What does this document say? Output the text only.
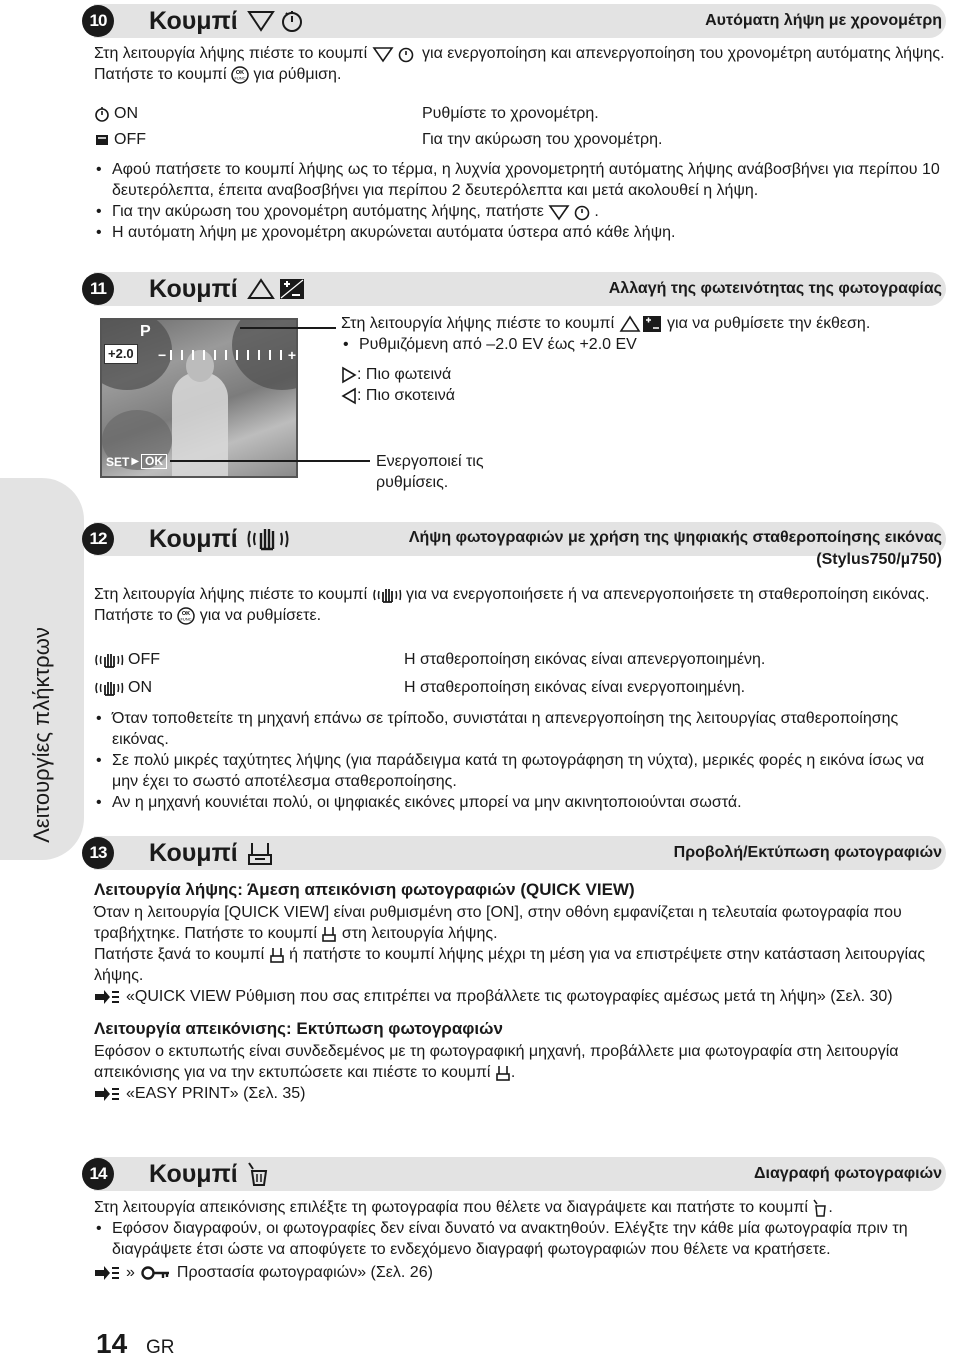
Λειτουργίες πλήκτρων
10	Κουμπί	Αυτόματη λήψη με χρονομέτρη

Στη λειτουργία λήψης πιέστε το κουμπί	για ενεργοποίηση και απενεργοποίηση του χρονομέτρη αυτόματης λήψης. Πατήστε το κουμπί OK
FUNC για ρύθμιση.

ON	Ρυθμίστε το χρονομέτρη.
OFF	Για την ακύρωση του χρονομέτρη.
• Αφού πατήσετε το κουμπί λήψης ως το τέρμα, η λυχνία χρονομετρητή αυτόματης λήψης ανάβοσβήνει για περίπου 10 δευτερόλεπτα, έπειτα αναβοσβήνει για περίπου 2 δευτερόλεπτα και μετά ακολουθεί η λήψη.
• Για την ακύρωση του χρονομέτρη αυτόματης λήψης, πατήστε	.
• Η αυτόματη λήψη με χρονομέτρη ακυρώνεται αυτόματα ύστερα από κάθε λήψη.
11	Κουμπί	Αλλαγή της φωτεινότητας της φωτογραφίας

Στη λειτουργία λήψης πιέστε το κουμπί	για να ρυθμίσετε την έκθεση.

• Ρυθμιζόμενη από –2.0 EV έως +2.0 EV
: Πιο φωτεινά
: Πιο σκοτεινά
P
+2.0 −	+
SET ▶ OK	Ενεργοποιεί τις ρυθμίσεις.
12	Κουμπί	Λήψη φωτογραφιών με χρήση της ψηφιακής σταθεροποίησης εικόνας
(Stylus750/µ750)

Στη λειτουργία λήψης πιέστε το κουμπί για να ενεργοποιήσετε ή να απενεργοποιήσετε τη σταθεροποίηση εικόνας. Πατήστε το OK
FUNC για να ρυθμίσετε.

OFF	Η σταθεροποίηση εικόνας είναι απενεργοποιημένη.
ON	Η σταθεροποίηση εικόνας είναι ενεργοποιημένη.
• Όταν τοποθετείτε τη μηχανή επάνω σε τρίποδο, συνιστάται η απενεργοποίηση της λειτουργίας σταθεροποίησης εικόνας.
• Σε πολύ μικρές ταχύτητες λήψης (για παράδειγμα κατά τη φωτογράφηση τη νύχτα), μερικές φορές η εικόνα ίσως να μην έχει το σωστό αποτέλεσμα σταθεροποίησης.
• Αν η μηχανή κουνιέται πολύ, οι ψηφιακές εικόνες μπορεί να μην ακινητοποιούνται σωστά.
13	Κουμπί	Προβολή/Εκτύπωση φωτογραφιών
Λειτουργία λήψης: Άμεση απεικόνιση φωτογραφιών (QUICK VIEW)

Όταν η λειτουργία [QUICK VIEW] είναι ρυθμισμένη στο [ON], στην οθόνη εμφανίζεται η τελευταία φωτογραφία που τραβήχτηκε. Πατήστε το κουμπί στη λειτουργία λήψης.

Πατήστε ξανά το κουμπί ή πατήστε το κουμπί λήψης μέχρι τη μέση για να επιστρέψετε στην κατάσταση λειτουργίας λήψης.

«QUICK VIEW Ρύθμιση που σας επιτρέπει να προβάλλετε τις φωτογραφίες αμέσως μετά τη λήψη» (Σελ. 30)
Λειτουργία απεικόνισης: Εκτύπωση φωτογραφιών

Εφόσον ο εκτυπωτής είναι συνδεδεμένος με τη φωτογραφική μηχανή, προβάλλετε μια φωτογραφία στη λειτουργία απεικόνισης για να την εκτυπώσετε και πιέστε το κουμπί .

«EASY PRINT» (Σελ. 35)
14	Κουμπί	Διαγραφή φωτογραφιών

Στη λειτουργία απεικόνισης επιλέξτε τη φωτογραφία που θέλετε να διαγράψετε και πατήστε το κουμπί .

• Εφόσον διαγραφούν, οι φωτογραφίες δεν είναι δυνατό να ανακτηθούν. Ελέγξτε την κάθε μία φωτογραφία πριν τη διαγράψετε έτσι ώστε να αποφύγετε το ενδεχόμενο διαγραφή φωτογραφιών που θέλετε να κρατήσετε.
»	Προστασία φωτογραφιών» (Σελ. 26)
14 GR
